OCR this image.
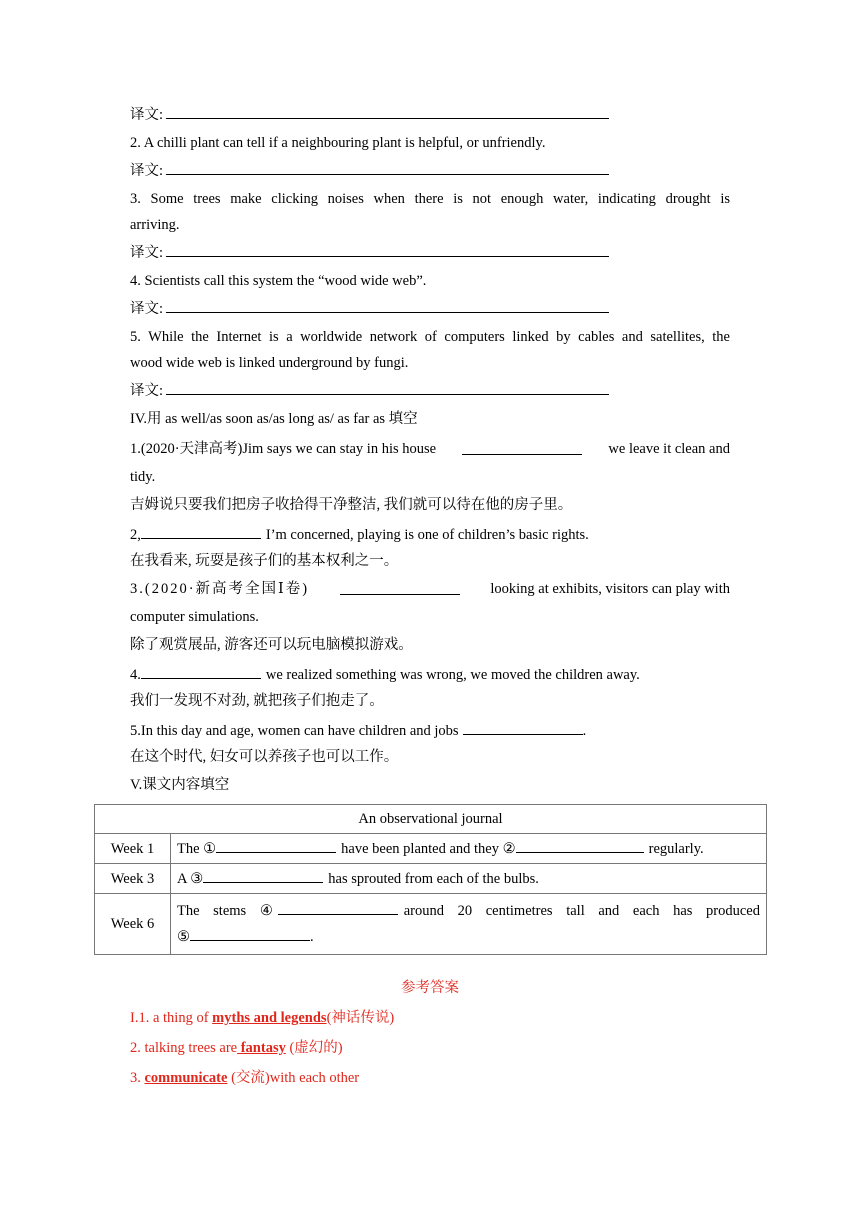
译文:
2. A chilli plant can tell if a neighbouring plant is helpful, or unfriendly.
译文:
3. Some trees make clicking noises when there is not enough water, indicating drought is
arriving.
译文:
4. Scientists call this system the “wood wide web”.
译文:
5. While the Internet is a worldwide network of computers linked by cables and satellites, the
wood wide web is linked underground by fungi.
译文:
IV.用 as well/as soon as/as long as/ as far as 填空
1.(2020·天津高考)Jim says we can stay in his house	we leave it clean and
tidy.
吉姆说只要我们把房子收拾得干净整洁, 我们就可以待在他的房子里。
2,	I’m concerned, playing is one of children’s basic rights.
在我看来, 玩耍是孩子们的基本权利之一。
3.(2020·新高考全国Ⅰ卷)	looking at exhibits, visitors can play with
computer simulations.
除了观赏展品, 游客还可以玩电脑模拟游戏。
4.	we realized something was wrong, we moved the children away.
我们一发现不对劲, 就把孩子们抱走了。
5.In this day and age, women can have children and jobs	.
在这个时代, 妇女可以养孩子也可以工作。
V.课文内容填空
An observational journal	
Week 1	The ① have been planted and they ② regularly.
Week 3	A ③ has sprouted from each of the bulbs.
Week 6	The stems ④ around 20 centimetres tall and each has produced
⑤ .
参考答案
I.1. a thing of myths and legends(神话传说)
2. talking trees are fantasy (虚幻的)
3. communicate (交流)with each other
